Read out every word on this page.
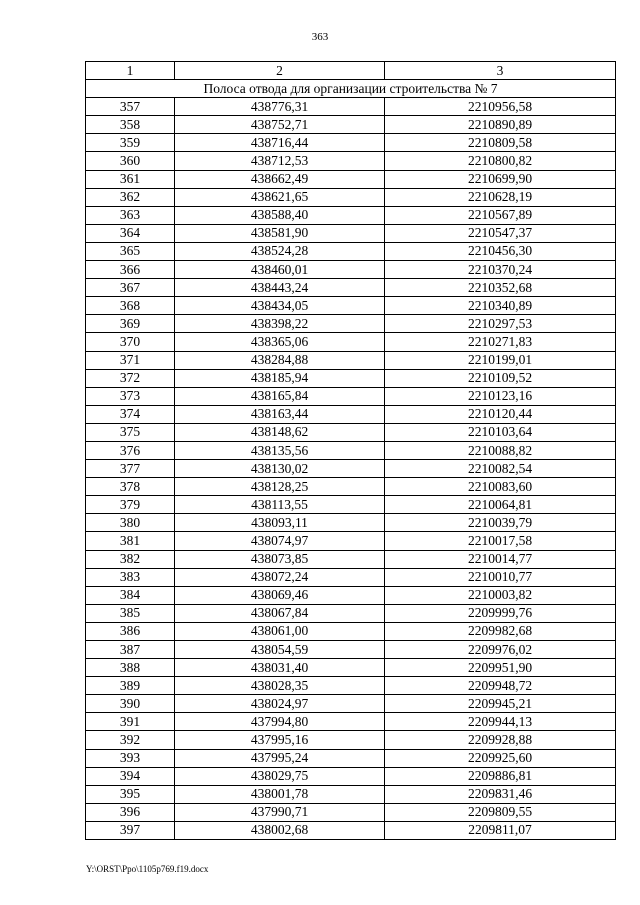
363
1	2	3
Полоса отвода для организации строительства № 7		
357	438776,31	2210956,58
358	438752,71	2210890,89
359	438716,44	2210809,58
360	438712,53	2210800,82
361	438662,49	2210699,90
362	438621,65	2210628,19
363	438588,40	2210567,89
364	438581,90	2210547,37
365	438524,28	2210456,30
366	438460,01	2210370,24
367	438443,24	2210352,68
368	438434,05	2210340,89
369	438398,22	2210297,53
370	438365,06	2210271,83
371	438284,88	2210199,01
372	438185,94	2210109,52
373	438165,84	2210123,16
374	438163,44	2210120,44
375	438148,62	2210103,64
376	438135,56	2210088,82
377	438130,02	2210082,54
378	438128,25	2210083,60
379	438113,55	2210064,81
380	438093,11	2210039,79
381	438074,97	2210017,58
382	438073,85	2210014,77
383	438072,24	2210010,77
384	438069,46	2210003,82
385	438067,84	2209999,76
386	438061,00	2209982,68
387	438054,59	2209976,02
388	438031,40	2209951,90
389	438028,35	2209948,72
390	438024,97	2209945,21
391	437994,80	2209944,13
392	437995,16	2209928,88
393	437995,24	2209925,60
394	438029,75	2209886,81
395	438001,78	2209831,46
396	437990,71	2209809,55
397	438002,68	2209811,07
Y:\ORST\Ppo\1105p769.f19.docx
